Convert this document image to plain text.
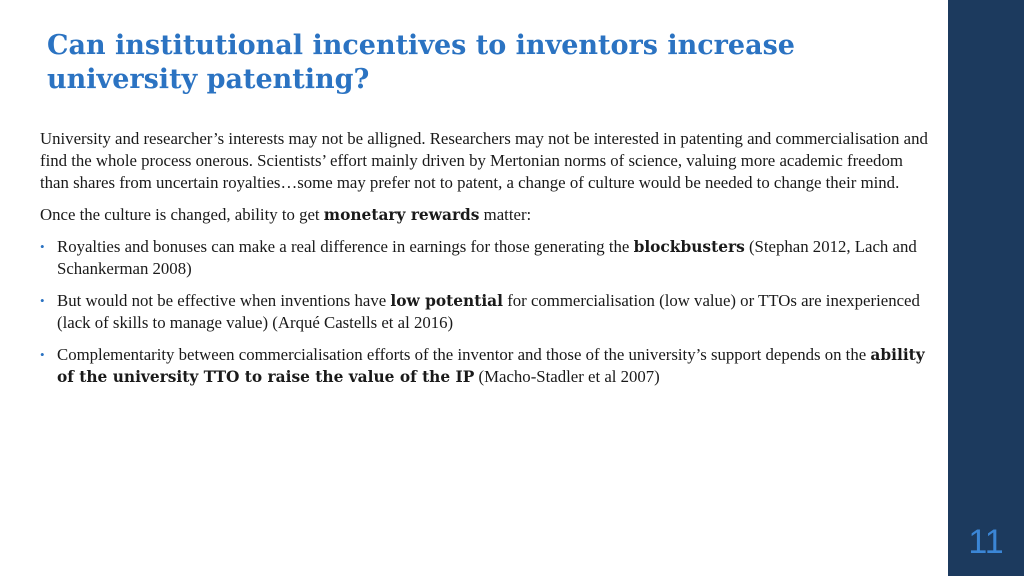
Can institutional incentives to inventors increase university patenting?

University and researcher’s interests may not be alligned. Researchers may not be interested in patenting and commercialisation and find the whole process onerous. Scientists’ effort mainly driven by Mertonian norms of science, valuing more academic freedom than shares from uncertain royalties…some may prefer not to patent, a change of culture would be needed to change their mind.

Once the culture is changed, ability to get monetary rewards matter:

• Royalties and bonuses can make a real difference in earnings for those generating the blockbusters (Stephan 2012, Lach and Schankerman 2008)
• But would not be effective when inventions have low potential for commercialisation (low value) or TTOs are inexperienced (lack of skills to manage value) (Arqué Castells et al 2016)
• Complementarity between commercialisation efforts of the inventor and those of the university’s support depends on the ability of the university TTO to raise the value of the IP (Macho-Stadler et al 2007)
11
